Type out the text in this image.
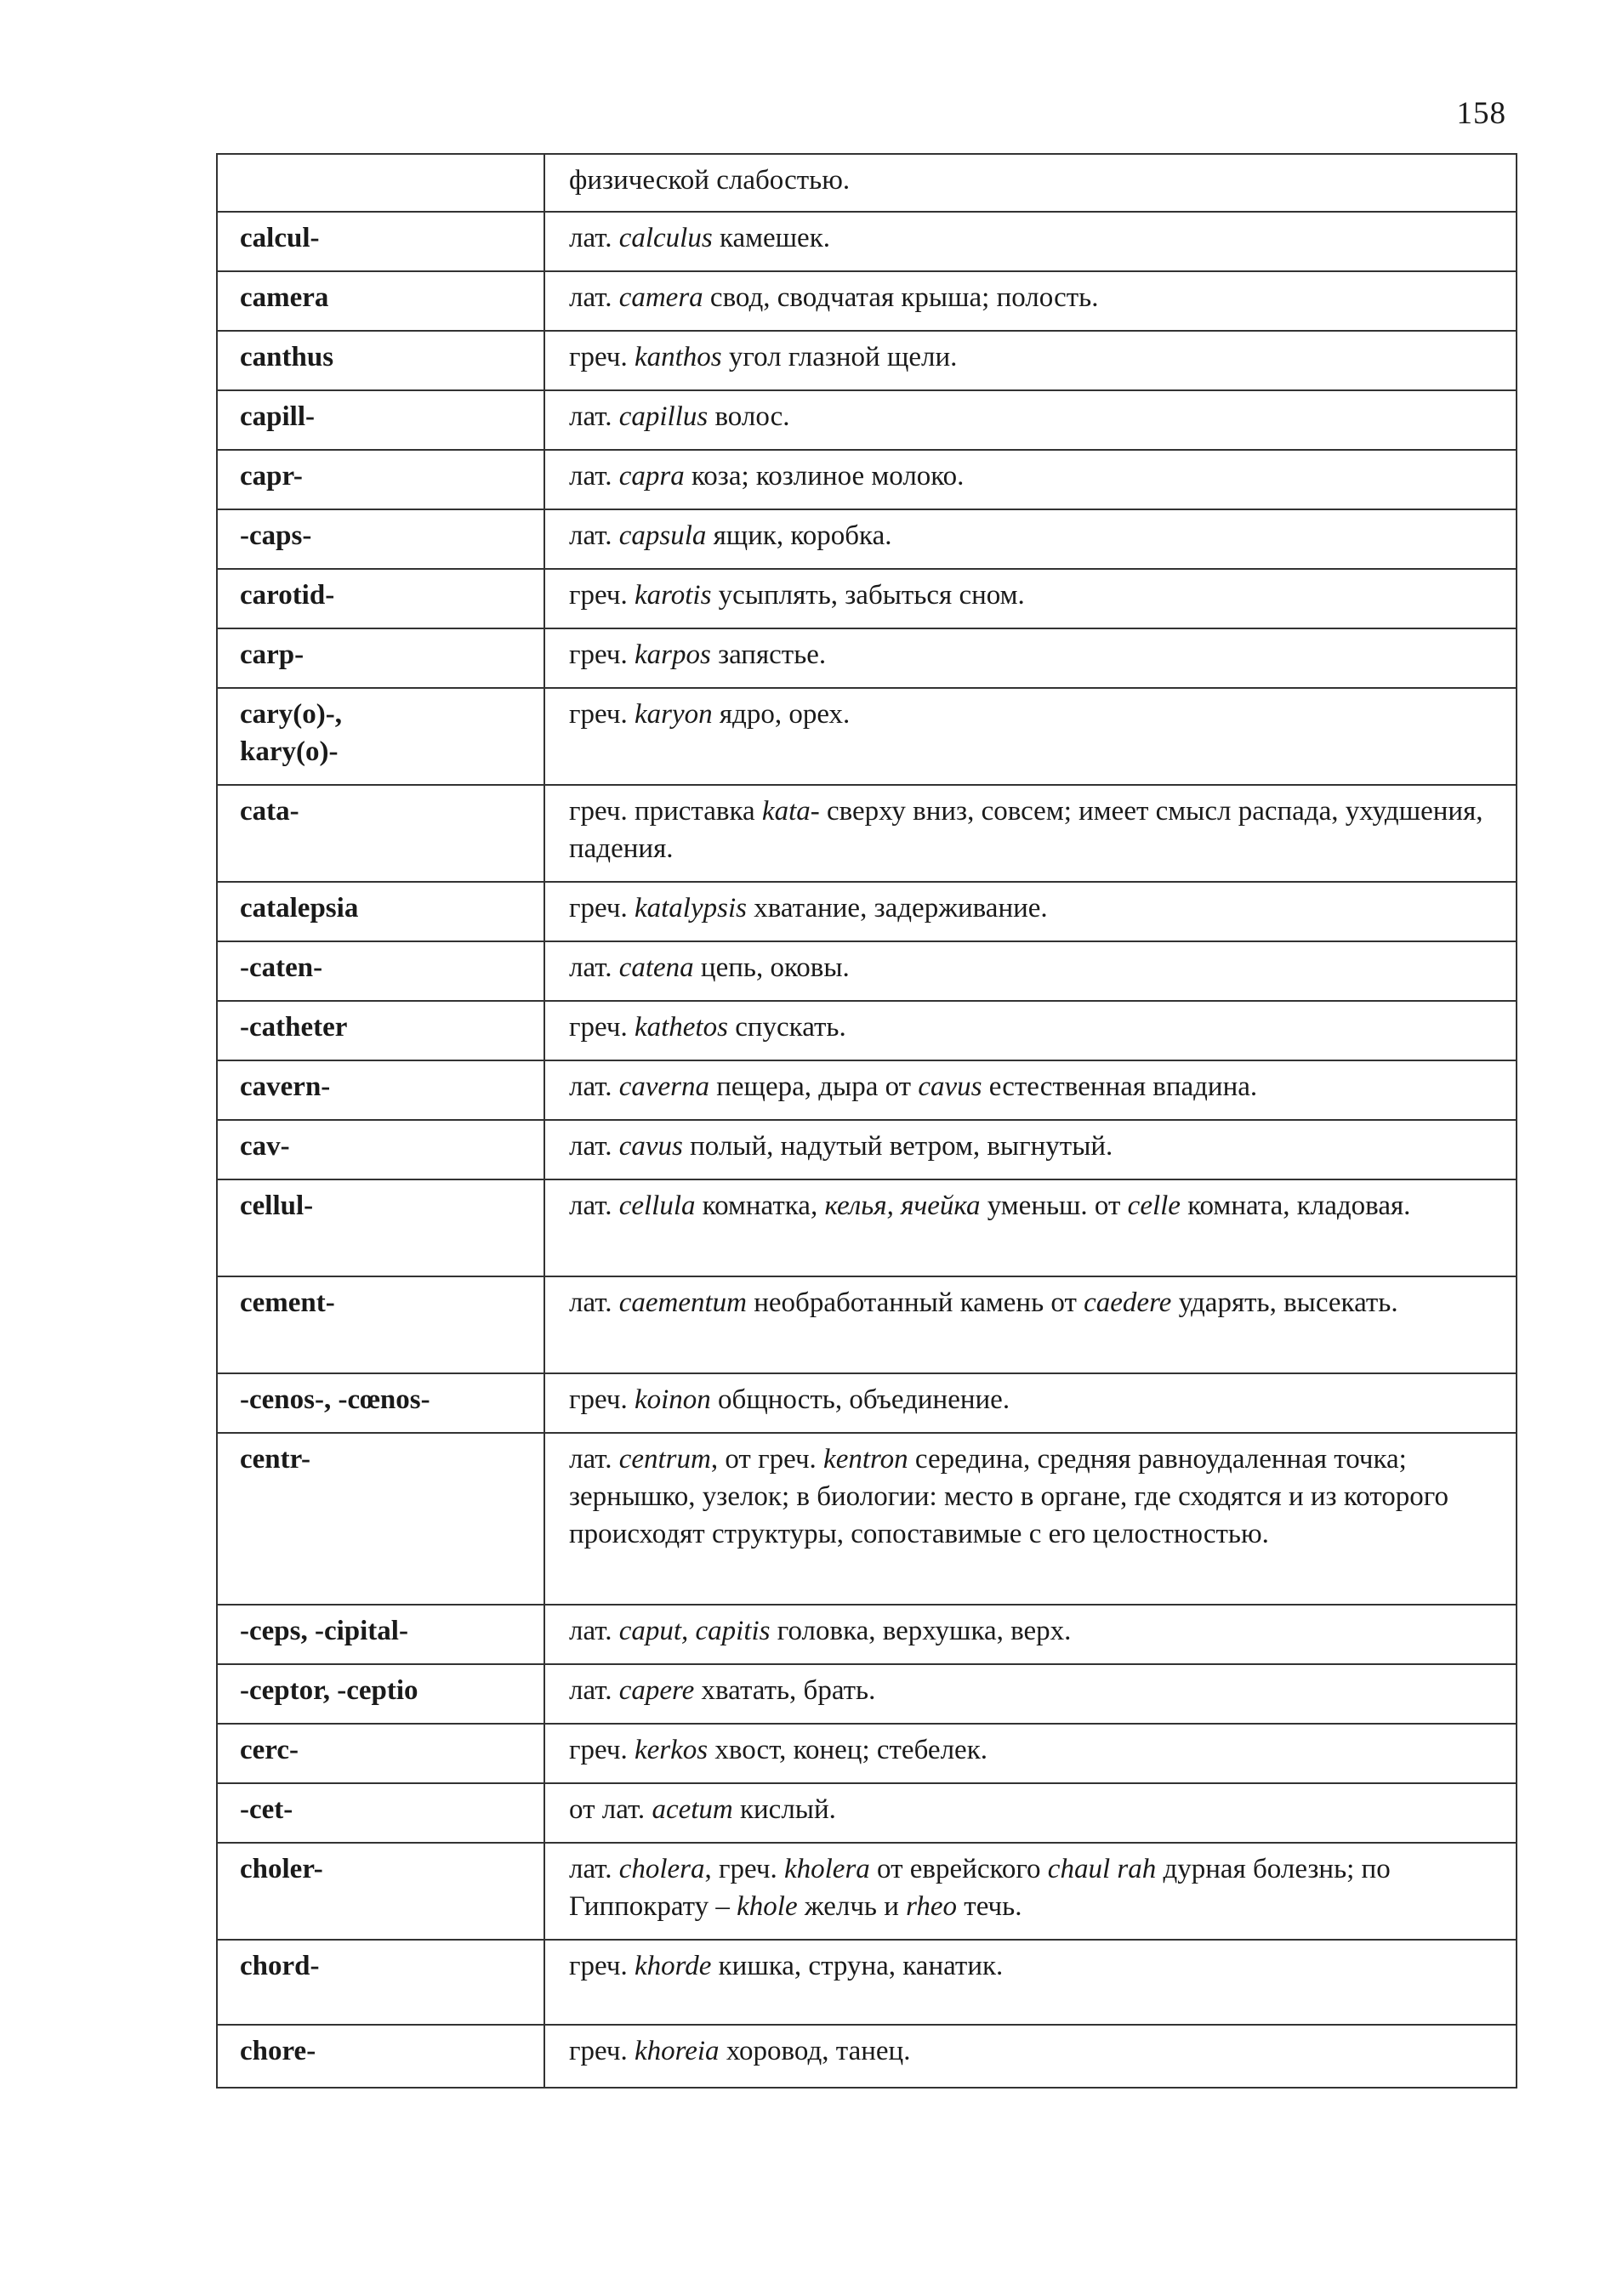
158
	физической слабостью.
calcul-	лат. calculus камешек.
camera	лат. camera свод, сводчатая крыша; полость.
canthus	греч. kanthos угол глазной щели.
capill-	лат. capillus волос.
capr-	лат. capra коза; козлиное молоко.
-caps-	лат. capsula ящик, коробка.
carotid-	греч. karotis усыплять, забыться сном.
carp-	греч. karpos запястье.
cary(o)-,
kary(o)-	греч. karyon ядро, орех.
cata-	греч. приставка kata- сверху вниз, совсем; имеет смысл распада, ухудшения, падения.
catalepsia	греч. katalypsis хватание, задерживание.
-caten-	лат. catena цепь, оковы.
-catheter	греч. kathetos спускать.
cavern-	лат. caverna пещера, дыра от cavus естественная впадина.
cav-	лат. cavus полый, надутый ветром, выгнутый.
cellul-	лат. cellula комнатка, келья, ячейка уменьш. от celle комната, кладовая.
cement-	лат. caementum необработанный камень от caedere ударять, высекать.
-cenos-, -cœnos-	греч. koinon общность, объединение.
centr-	лат. centrum, от греч. kentron середина, средняя равноудаленная точка; зернышко, узелок; в биологии: место в органе, где сходятся и из которого происходят структуры, сопоставимые с его целостностью.
-ceps, -cipital-	лат. caput, capitis головка, верхушка, верх.
-ceptor, -ceptio	лат. capere хватать, брать.
cerc-	греч. kerkos хвост, конец; стебелек.
-cet-	от лат. acetum кислый.
choler-	лат. cholera, греч. kholera от еврейского chaul rah дурная болезнь; по Гиппократу – khole желчь и rheo течь.
chord-	греч. khorde кишка, струна, канатик.
chore-	греч. khoreia хоровод, танец.
